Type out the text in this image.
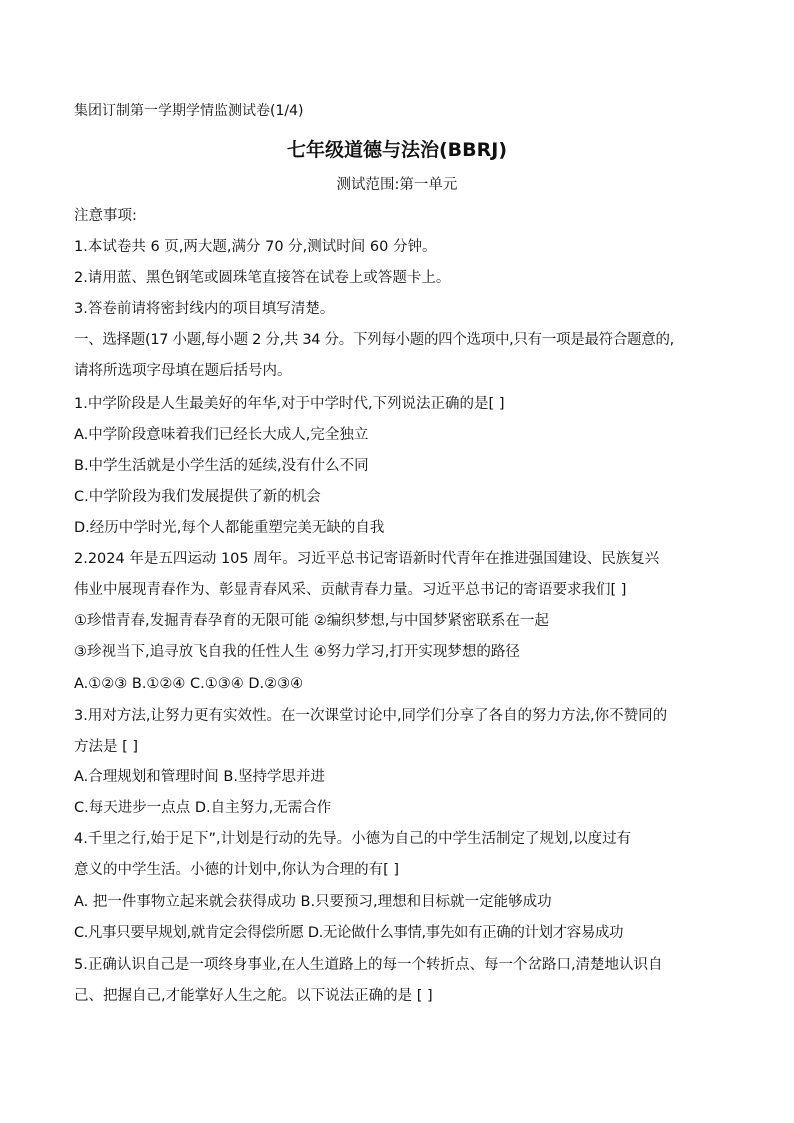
集团订制第一学期学情监测试卷(1/4)
七年级道德与法治(BBRJ)
测试范围:第一单元
注意事项:
1.本试卷共 6 页,两大题,满分 70 分,测试时间 60 分钟。
2.请用蓝、黑色钢笔或圆珠笔直接答在试卷上或答题卡上。
3.答卷前请将密封线内的项目填写清楚。
一、选择题(17 小题,每小题 2 分,共 34 分。下列每小题的四个选项中,只有一项是最符合题意的,
请将所选项字母填在题后括号内。
1.中学阶段是人生最美好的年华,对于中学时代,下列说法正确的是[ ]
A.中学阶段意味着我们已经长大成人,完全独立
B.中学生活就是小学生活的延续,没有什么不同
C.中学阶段为我们发展提供了新的机会
D.经历中学时光,每个人都能重塑完美无缺的自我
2.2024 年是五四运动 105 周年。习近平总书记寄语新时代青年在推进强国建设、民族复兴
伟业中展现青春作为、彰显青春风采、贡献青春力量。习近平总书记的寄语要求我们[ ]
①珍惜青春,发掘青春孕育的无限可能 ②编织梦想,与中国梦紧密联系在一起
③珍视当下,追寻放飞自我的任性人生 ④努力学习,打开实现梦想的路径
A.①②③ B.①②④ C.①③④ D.②③④
3.用对方法,让努力更有实效性。在一次课堂讨论中,同学们分享了各自的努力方法,你不赞同的
方法是 [ ]
A.合理规划和管理时间 B.坚持学思并进
C.每天进步一点点 D.自主努力,无需合作
4.千里之行,始于足下”,计划是行动的先导。小德为自己的中学生活制定了规划,以度过有
意义的中学生活。小德的计划中,你认为合理的有[ ]
A. 把一件事物立起来就会获得成功 B.只要预习,理想和目标就一定能够成功
C.凡事只要早规划,就肯定会得偿所愿 D.无论做什么事情,事先如有正确的计划才容易成功
5.正确认识自己是一项终身事业,在人生道路上的每一个转折点、每一个岔路口,清楚地认识自
己、把握自己,才能掌好人生之舵。以下说法正确的是 [ ]
